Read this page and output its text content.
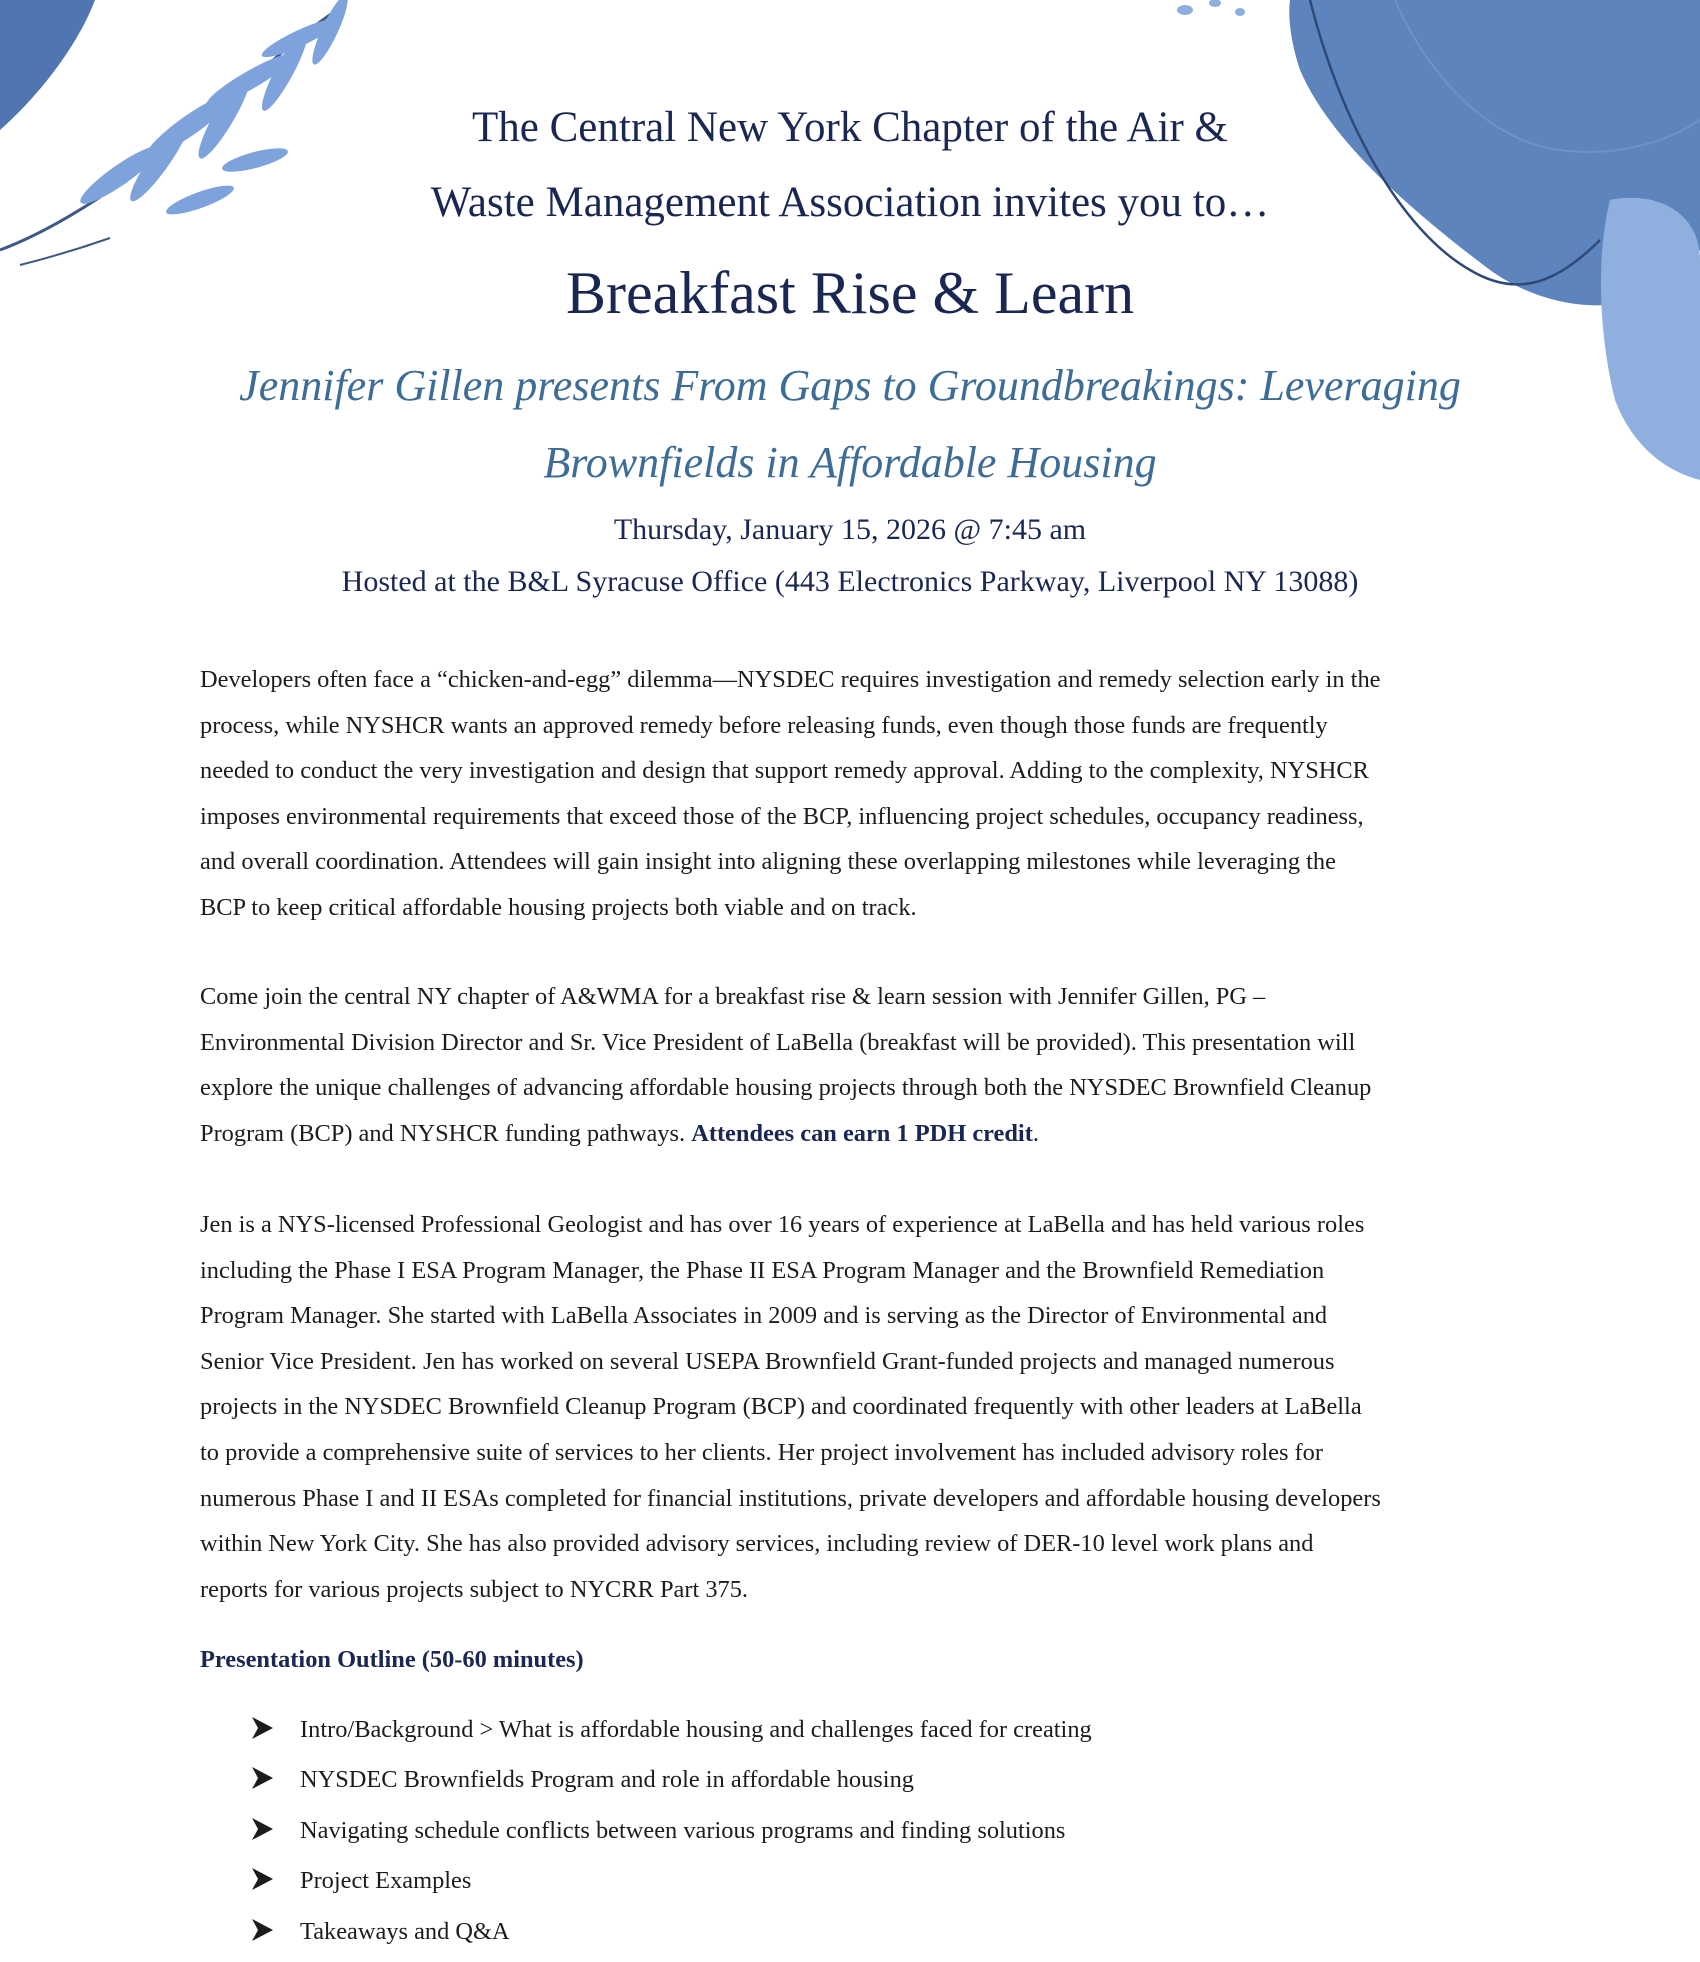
The Central New York Chapter of the Air &
Waste Management Association invites you to…
Breakfast Rise & Learn
Jennifer Gillen presents From Gaps to Groundbreakings: Leveraging
Brownfields in Affordable Housing
Thursday, January 15, 2026 @ 7:45 am
Hosted at the B&L Syracuse Office (443 Electronics Parkway, Liverpool NY 13088)
Developers often face a “chicken-and-egg” dilemma—NYSDEC requires investigation and remedy selection early in the
process, while NYSHCR wants an approved remedy before releasing funds, even though those funds are frequently
needed to conduct the very investigation and design that support remedy approval. Adding to the complexity, NYSHCR
imposes environmental requirements that exceed those of the BCP, influencing project schedules, occupancy readiness,
and overall coordination. Attendees will gain insight into aligning these overlapping milestones while leveraging the
BCP to keep critical affordable housing projects both viable and on track.
Come join the central NY chapter of A&WMA for a breakfast rise & learn session with Jennifer Gillen, PG –
Environmental Division Director and Sr. Vice President of LaBella (breakfast will be provided). This presentation will
explore the unique challenges of advancing affordable housing projects through both the NYSDEC Brownfield Cleanup
Program (BCP) and NYSHCR funding pathways. Attendees can earn 1 PDH credit.
Jen is a NYS-licensed Professional Geologist and has over 16 years of experience at LaBella and has held various roles
including the Phase I ESA Program Manager, the Phase II ESA Program Manager and the Brownfield Remediation
Program Manager. She started with LaBella Associates in 2009 and is serving as the Director of Environmental and
Senior Vice President. Jen has worked on several USEPA Brownfield Grant-funded projects and managed numerous
projects in the NYSDEC Brownfield Cleanup Program (BCP) and coordinated frequently with other leaders at LaBella
to provide a comprehensive suite of services to her clients. Her project involvement has included advisory roles for
numerous Phase I and II ESAs completed for financial institutions, private developers and affordable housing developers
within New York City. She has also provided advisory services, including review of DER-10 level work plans and
reports for various projects subject to NYCRR Part 375.
Presentation Outline (50-60 minutes)
Intro/Background > What is affordable housing and challenges faced for creating
NYSDEC Brownfields Program and role in affordable housing
Navigating schedule conflicts between various programs and finding solutions
Project Examples
Takeaways and Q&A
